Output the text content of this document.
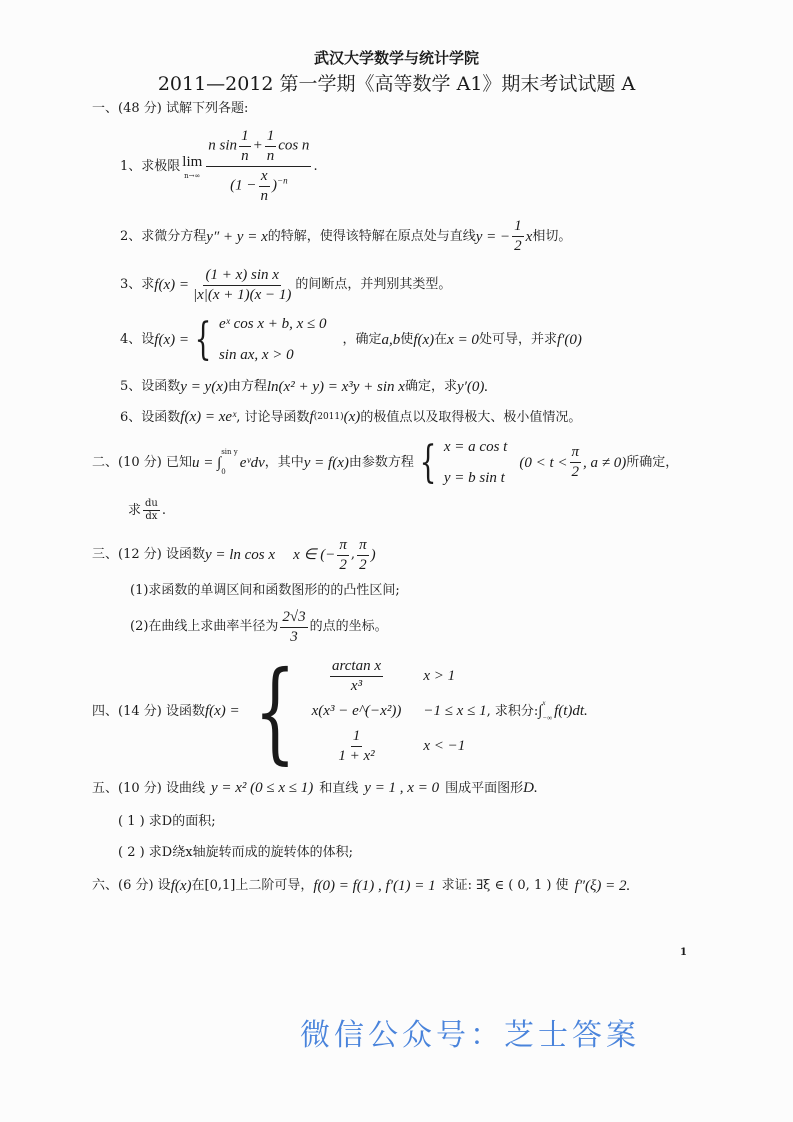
武汉大学数学与统计学院
2011—2012 第一学期《高等数学 A1》期末考试试题 A
一、(48 分) 试解下列各题:
1、求极限 lim
n→∞
n $\sin \frac{1}{n} + \frac{1}{n}$ cos n
$(1 - \frac{x}{n} )^{-n}$
.
2、求微分方程 y″ + y = x 的特解，使得该特解在原点处与直线 y = − $\frac{1}{2}$ x 相切。
3、求 $f(x) = \frac{\text{(1 + x) sin x}}{|x|(x + 1)(x - 1)}$ 的间断点，并判别其类型。
4、设 f(x) = { eˣ cos x + b, x ≤ 0
sin ax, x > 0
，确定 a,b 使 f(x) 在 x = 0 处可导，并求 f′(0)
5、设函数 y = y(x) 由方程 ln(x² + y) = x³y + sin x 确定，求 y′(0).
6、设函数 f(x) = xeˣ , 讨论导函数 f (2011) (x) 的极值点以及取得极大、极小值情况。
二、(10 分) 已知 u = ∫
sin y
0
eᵛdv ，其中 y = f(x) 由参数方程 { x = a cos t
y = b sin t
(0 < t <
π
2
, a ≠ 0) 所确定，
求 du
dx .
三、(12 分) 设函数 y = ln cos x x ∈ (− $\frac{\pi}{2}$ ,
π
2
)
(1)求函数的单调区间和函数图形的的凸性区间;
(2)在曲线上求曲率半径为
2√3
3
的点的坐标。
四、(14 分) 设函数 f(x) = { arctan x
x³
x > 1
x(x³ − e^(−x²)) −1 ≤ x ≤ 1 , 求积分: ∫
x
−∞ f(t)dt.
1
1 + x²
x < −1
五、(10 分) 设曲线 y = x² (0 ≤ x ≤ 1) 和直线 y = 1 , x = 0 围成平面图形 D.
( 1 ) 求D的面积;
( 2 ) 求D绕x轴旋转而成的旋转体的体积;
六、(6 分) 设 f(x) 在[0,1]上二阶可导， f(0) = f(1) , f′(1) = 1 求证: ∃ξ ∈ ( 0, 1 ) 使 f″(ξ) = 2.
1
微信公众号：芝士答案
